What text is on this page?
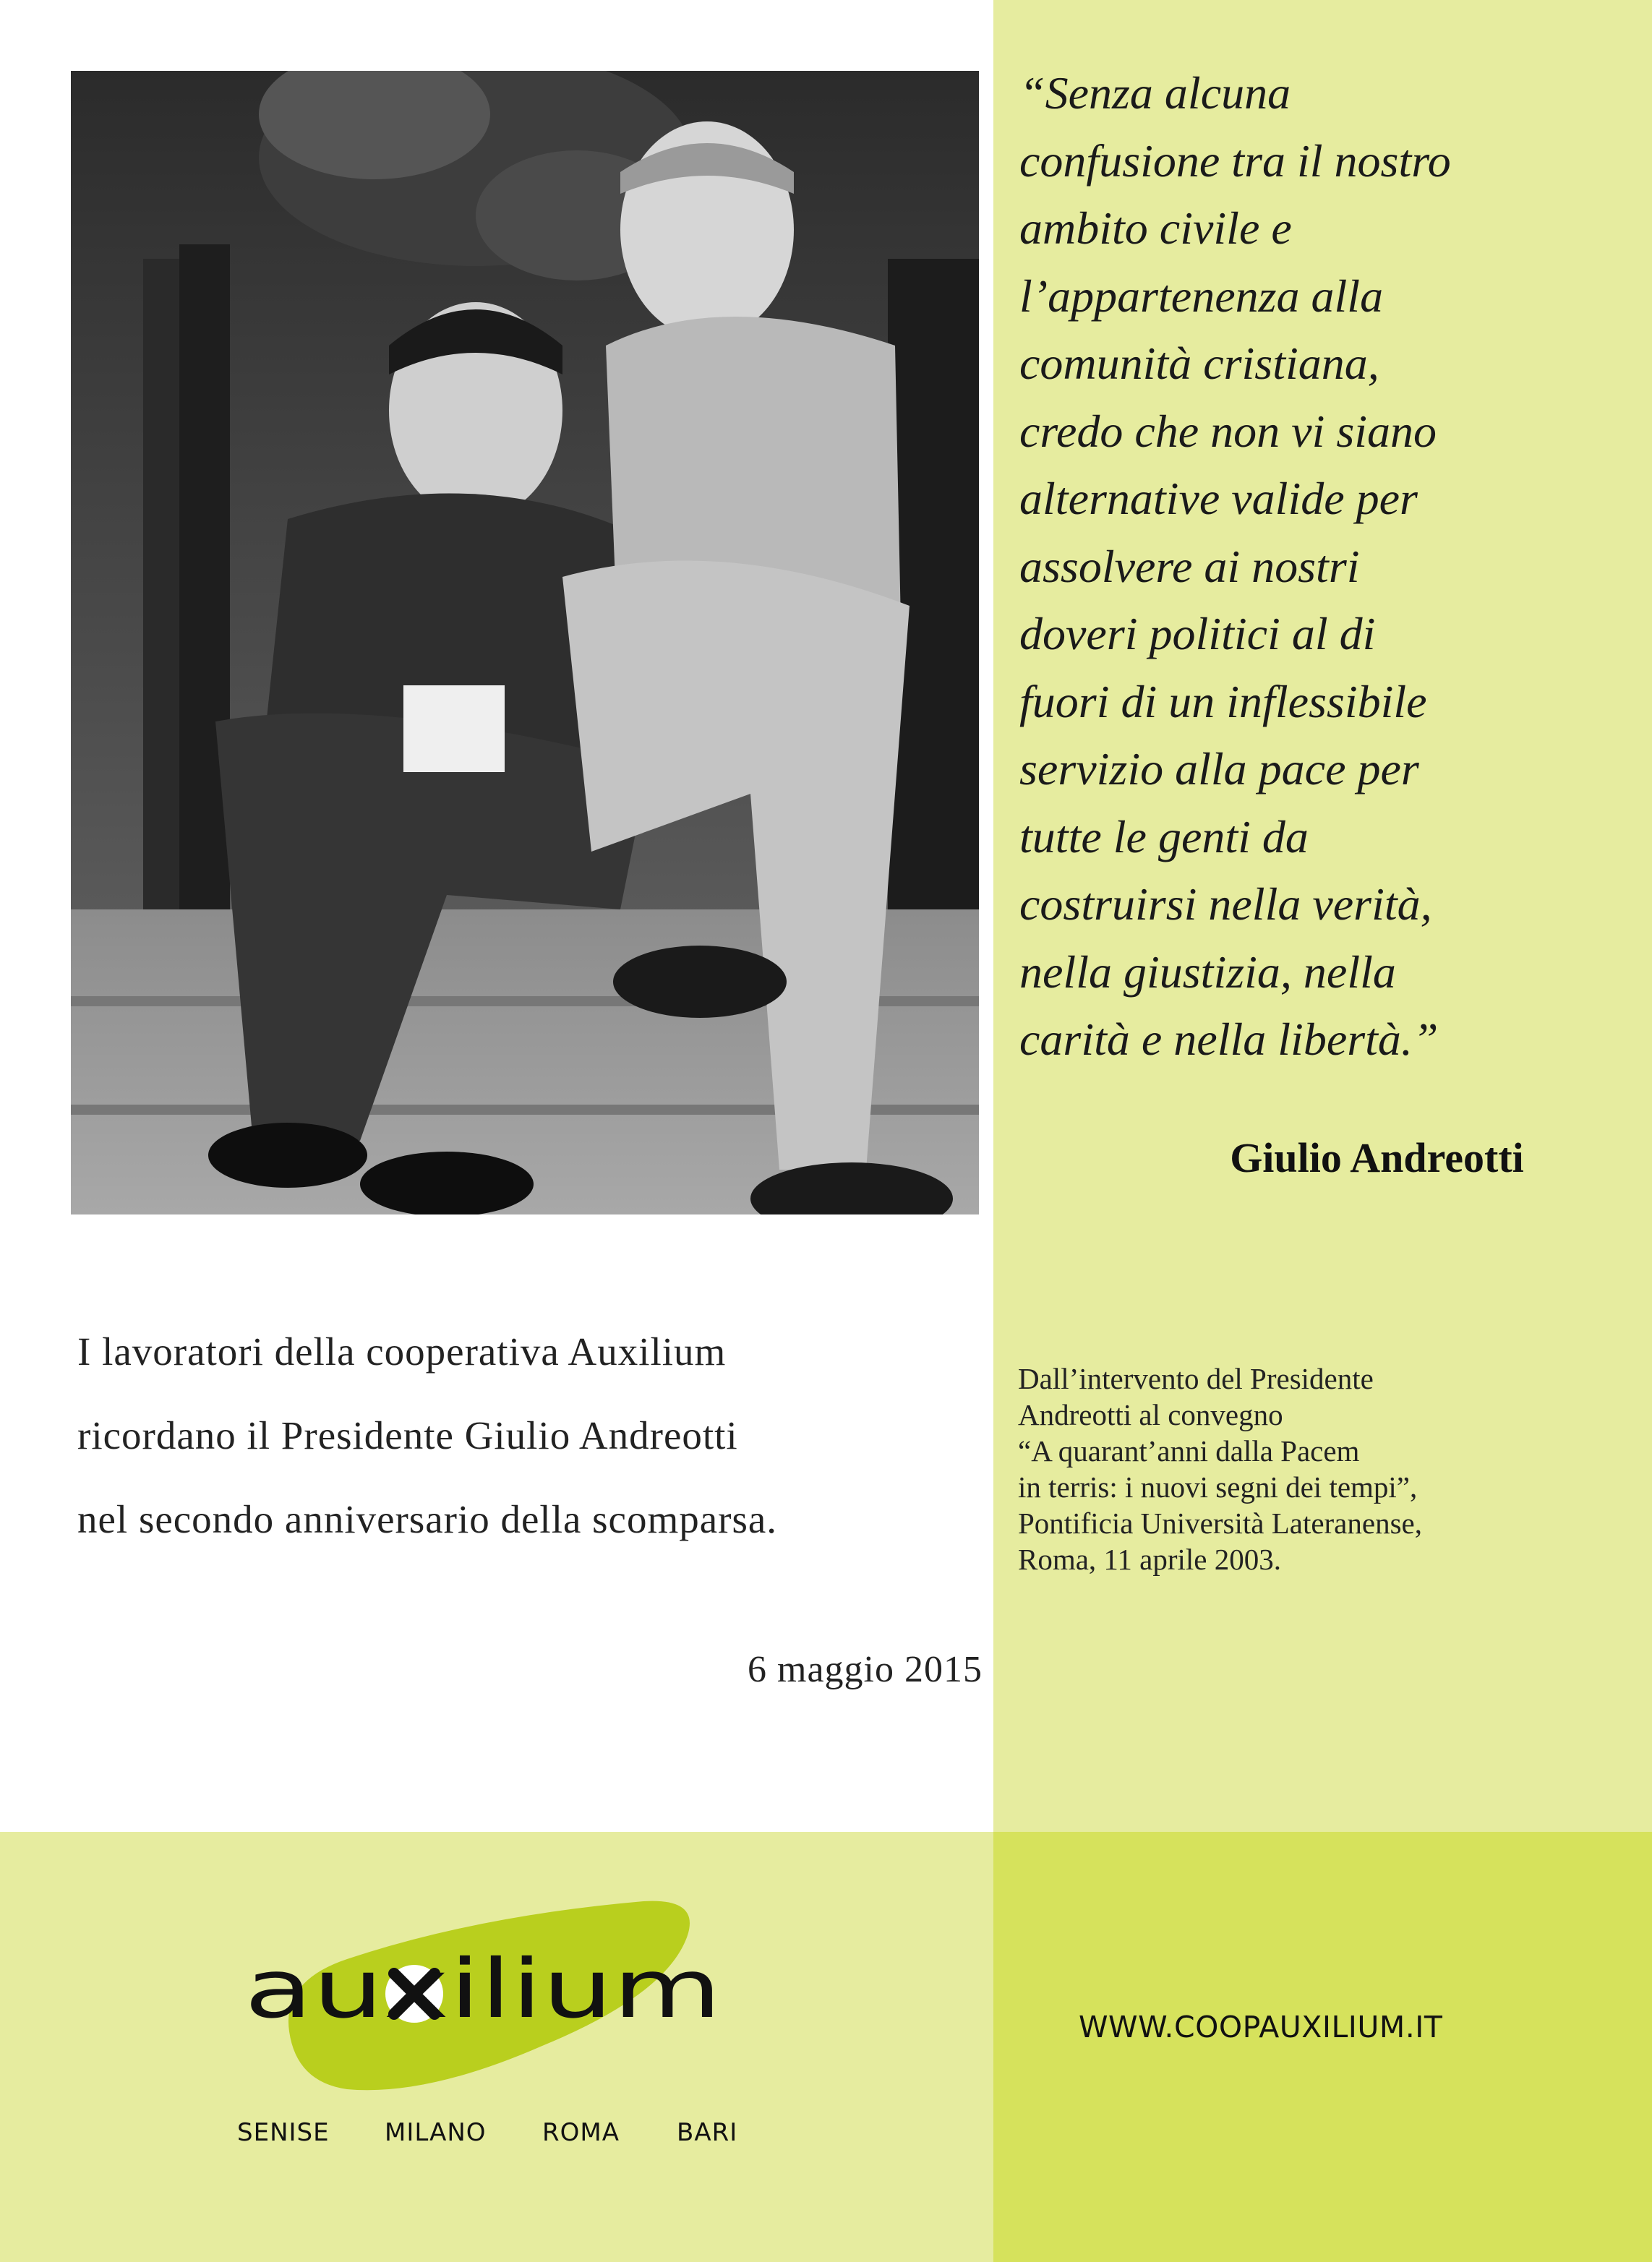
“Senza alcuna
confusione tra il nostro
ambito civile e
l’appartenenza alla
comunità cristiana,
credo che non vi siano
alternative valide per
assolvere ai nostri
doveri politici al di
fuori di un inflessibile
servizio alla pace per
tutte le genti da
costruirsi nella verità,
nella giustizia, nella
carità e nella libertà.”

Giulio Andreotti

I lavoratori della cooperativa Auxilium
ricordano il Presidente Giulio Andreotti
nel secondo anniversario della scomparsa.

6 maggio 2015

Dall’intervento del Presidente
Andreotti al convegno
“A quarant’anni dalla Pacem
in terris: i nuovi segni dei tempi”,
Pontificia Università Lateranense,
Roma, 11 aprile 2003.

auxilium
SENISE MILANO ROMA BARI
WWW.COOPAUXILIUM.IT
